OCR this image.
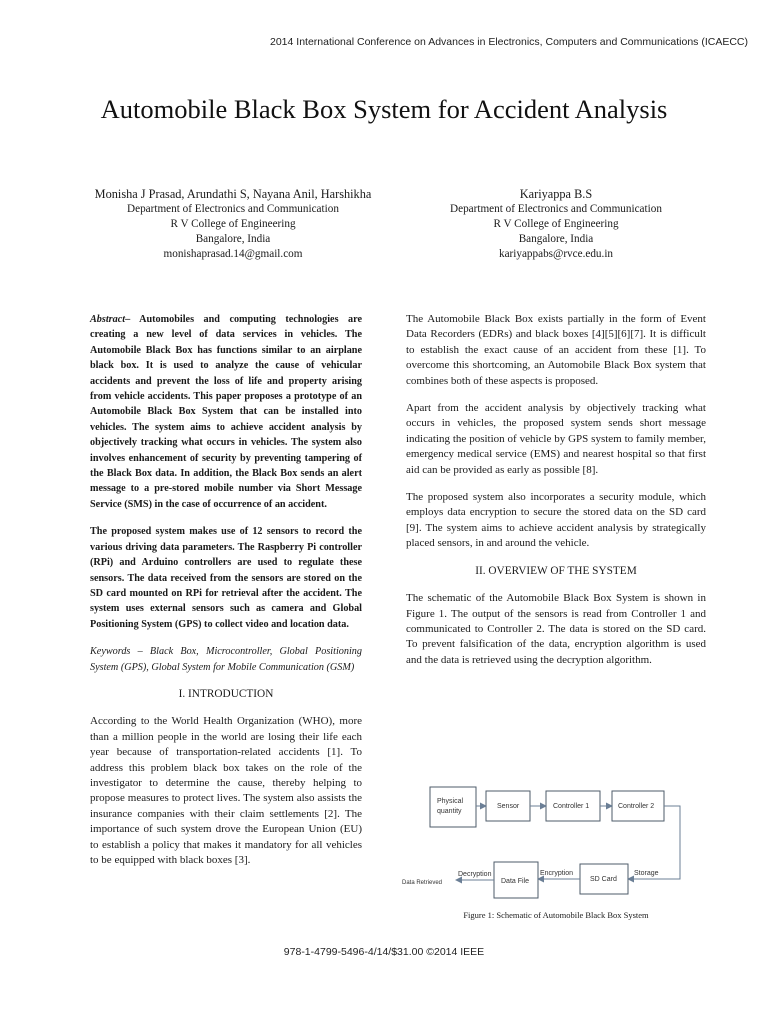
2014 International Conference on Advances in Electronics, Computers and Communications (ICAECC)
Automobile Black Box System for Accident Analysis
Monisha J Prasad, Arundathi S, Nayana Anil, Harshikha
Department of Electronics and Communication
R V College of Engineering
Bangalore, India
monishaprasad.14@gmail.com
Kariyappa B.S
Department of Electronics and Communication
R V College of Engineering
Bangalore, India
kariyappabs@rvce.edu.in

Abstract– Automobiles and computing technologies are creating a new level of data services in vehicles. The Automobile Black Box has functions similar to an airplane black box. It is used to analyze the cause of vehicular accidents and prevent the loss of life and property arising from vehicle accidents. This paper proposes a prototype of an Automobile Black Box System that can be installed into vehicles. The system aims to achieve accident analysis by objectively tracking what occurs in vehicles. The system also involves enhancement of security by preventing tampering of the Black Box data. In addition, the Black Box sends an alert message to a pre-stored mobile number via Short Message Service (SMS) in the case of occurrence of an accident.

The proposed system makes use of 12 sensors to record the various driving data parameters. The Raspberry Pi controller (RPi) and Arduino controllers are used to regulate these sensors. The data received from the sensors are stored on the SD card mounted on RPi for retrieval after the accident. The system uses external sensors such as camera and Global Positioning System (GPS) to collect video and location data.

Keywords – Black Box, Microcontroller, Global Positioning System (GPS), Global System for Mobile Communication (GSM)

I. INTRODUCTION

According to the World Health Organization (WHO), more than a million people in the world are losing their life each year because of transportation-related accidents [1]. To address this problem black box takes on the role of the investigator to determine the cause, thereby helping to propose measures to protect lives. The system also assists the insurance companies with their claim settlements [2]. The importance of such system drove the European Union (EU) to establish a policy that makes it mandatory for all vehicles to be equipped with black boxes [3].

The Automobile Black Box exists partially in the form of Event Data Recorders (EDRs) and black boxes [4][5][6][7]. It is difficult to establish the exact cause of an accident from these [1]. To overcome this shortcoming, an Automobile Black Box system that combines both of these aspects is proposed.

Apart from the accident analysis by objectively tracking what occurs in vehicles, the proposed system sends short message indicating the position of vehicle by GPS system to family member, emergency medical service (EMS) and nearest hospital so that first aid can be provided as early as possible [8].

The proposed system also incorporates a security module, which employs data encryption to secure the stored data on the SD card [9]. The system aims to achieve accident analysis by strategically placed sensors, in and around the vehicle.

II. OVERVIEW OF THE SYSTEM

The schematic of the Automobile Black Box System is shown in Figure 1. The output of the sensors is read from Controller 1 and communicated to Controller 2. The data is stored on the SD card. To prevent falsification of the data, encryption algorithm is used and the data is retrieved using the decryption algorithm.

Physical
quantity
Sensor	Controller 1	Controller 2
Data File	SD Card
Storage
Encryption
Decryption
Data Retrieved
Figure 1: Schematic of Automobile Black Box System
978-1-4799-5496-4/14/$31.00 ©2014 IEEE
